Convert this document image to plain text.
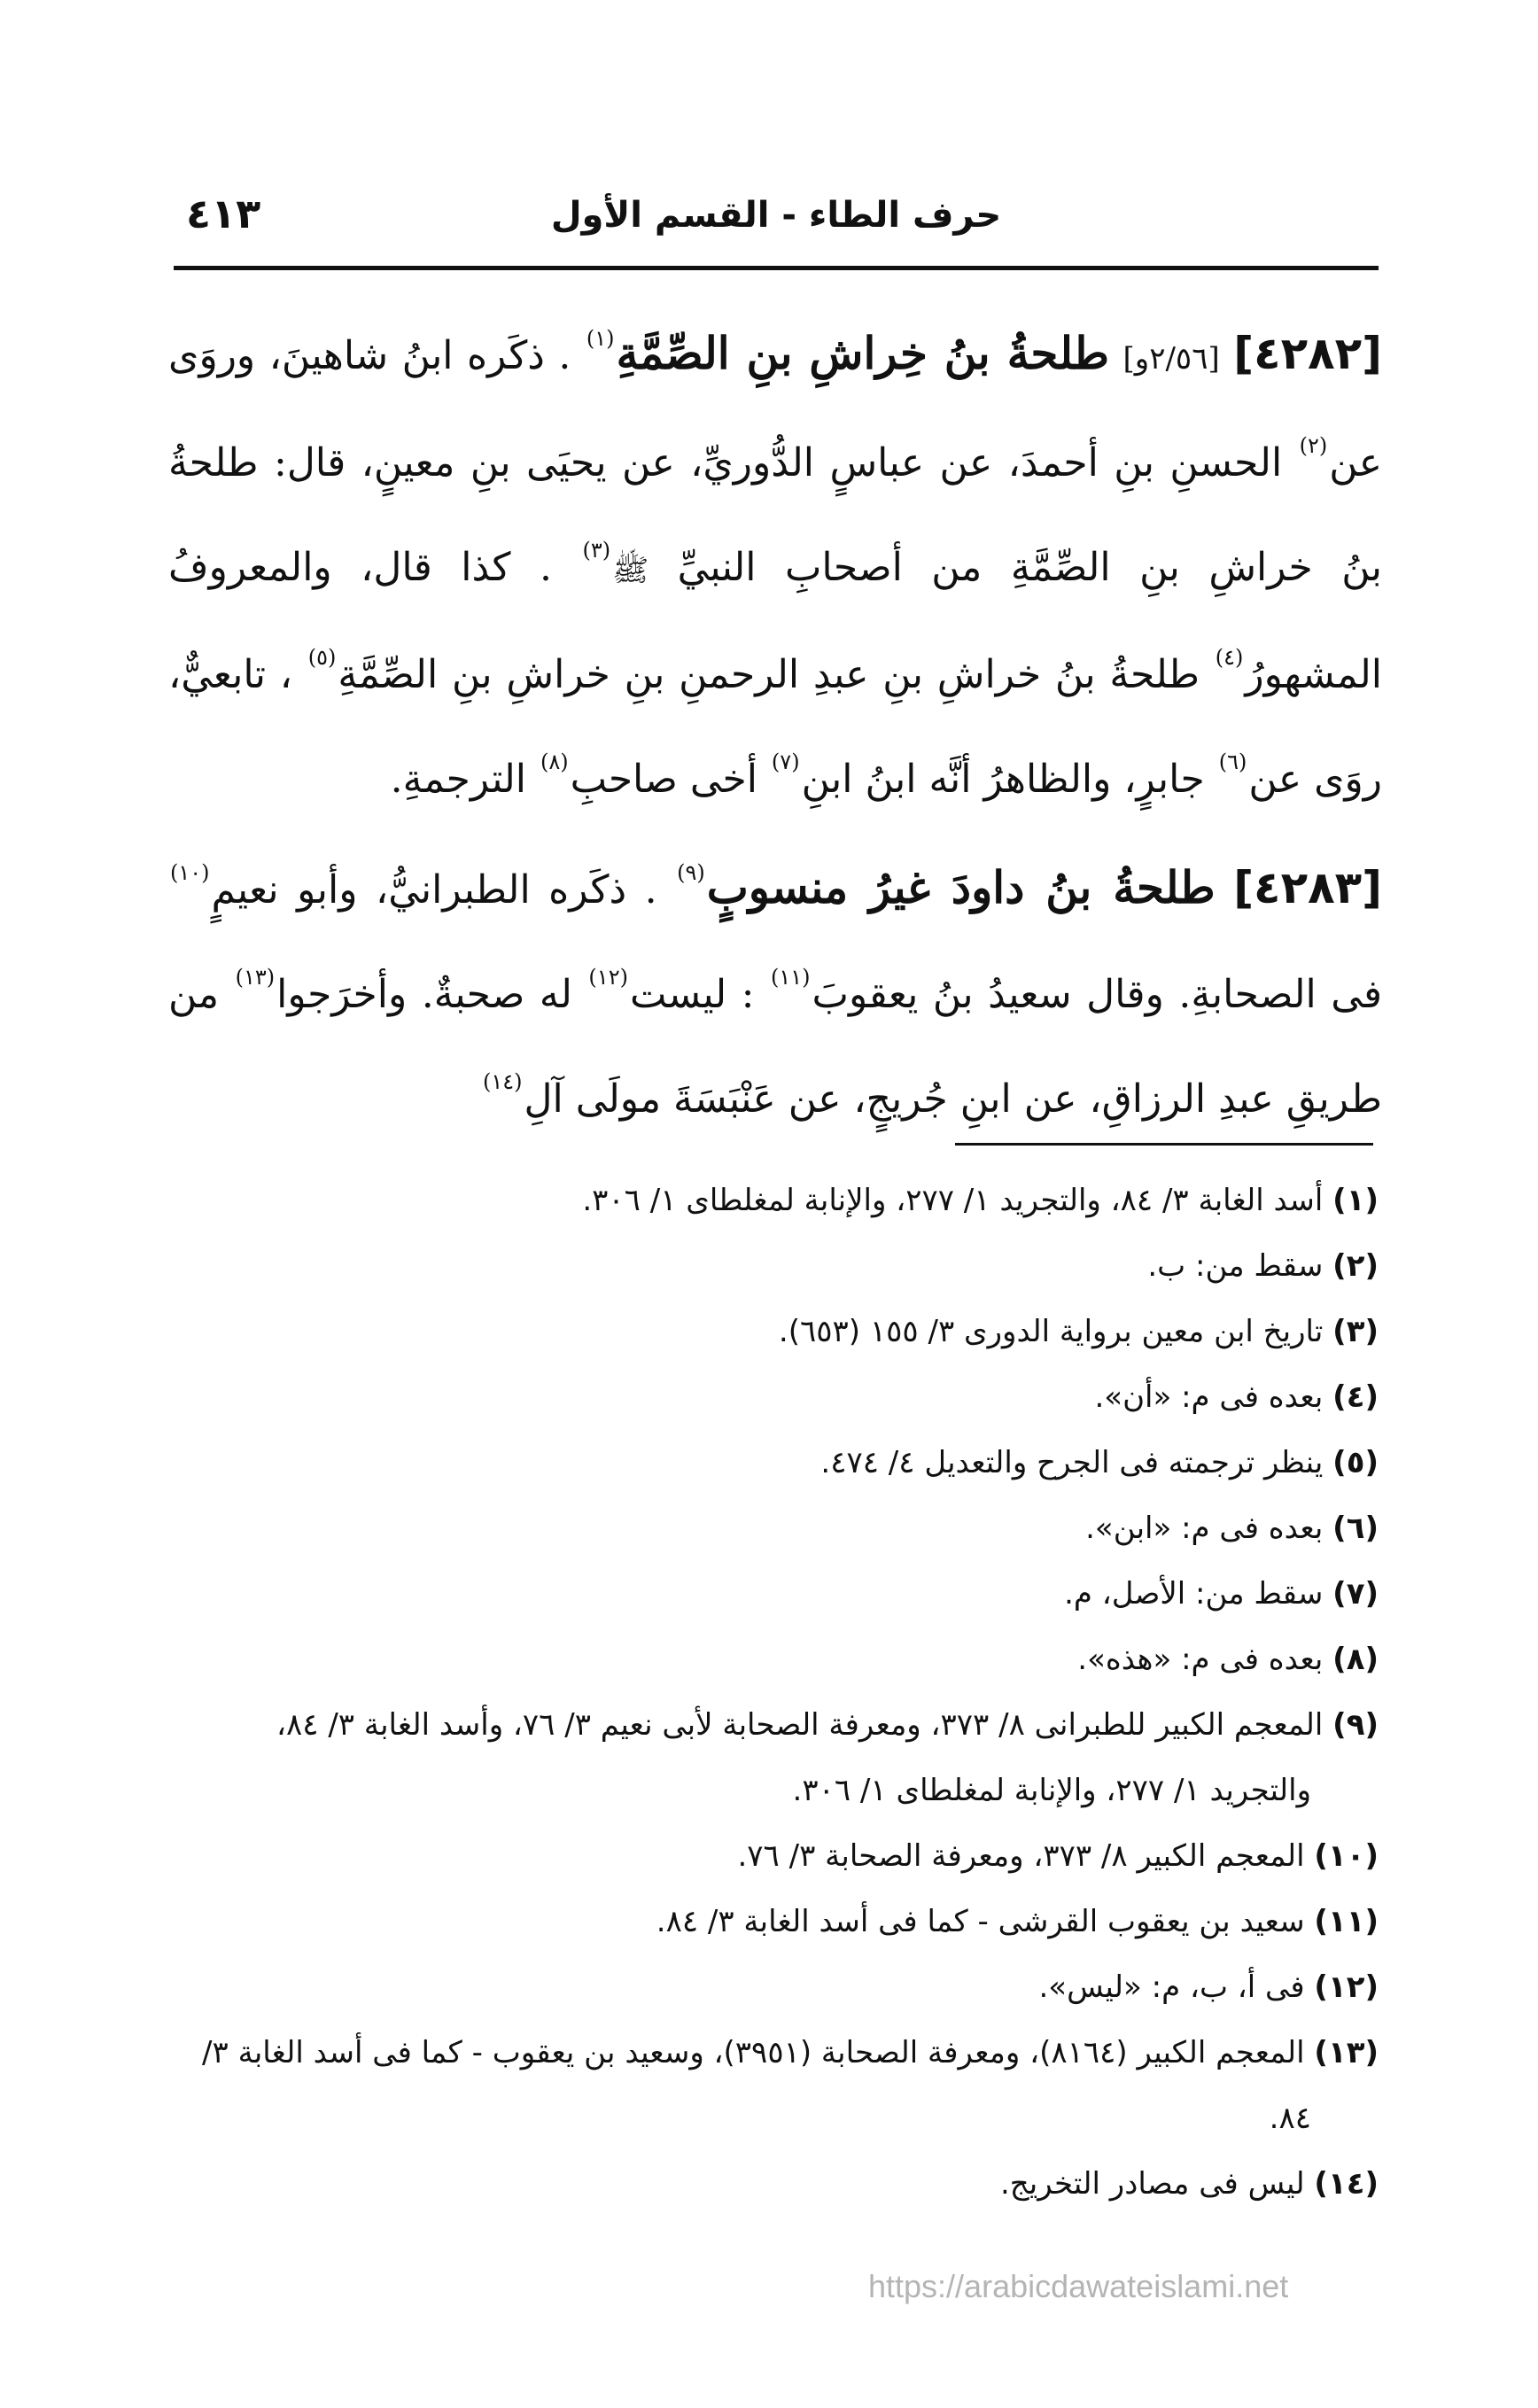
حرف الطاء - القسم الأول
٤١٣

[٤٢٨٢] [٢/٥٦و] طلحةُ بنُ خِراشِ بنِ الصِّمَّةِ$^{(١)}$ . ذكَره ابنُ شاهينَ، وروَى عن$^{(٢)}$ الحسنِ بنِ أحمدَ، عن عباسٍ الدُّوريِّ، عن يحيَى بنِ معينٍ، قال: طلحةُ بنُ خراشِ بنِ الصِّمَّةِ من أصحابِ النبيِّ ﷺ$^{(٣)}$ . كذا قال، والمعروفُ المشهورُ$^{(٤)}$ طلحةُ بنُ خراشِ بنِ عبدِ الرحمنِ بنِ خراشِ بنِ الصِّمَّةِ$^{(٥)}$ ، تابعيٌّ، روَى عن$^{(٦)}$ جابرٍ، والظاهرُ أنَّه ابنُ ابنِ$^{(٧)}$ أخى صاحبِ$^{(٨)}$ الترجمةِ.

[٤٢٨٣] طلحةُ بنُ داودَ غيرُ منسوبٍ$^{(٩)}$ . ذكَره الطبرانيُّ، وأبو نعيمٍ$^{(١٠)}$ فى الصحابةِ. وقال سعيدُ بنُ يعقوبَ$^{(١١)}$ : ليست$^{(١٢)}$ له صحبةٌ. وأخرَجوا$^{(١٣)}$ من طريقِ عبدِ الرزاقِ، عن ابنِ جُريجٍ، عن عَنْبَسَةَ مولَى آلِ$^{(١٤)}$

(١) أسد الغابة ٣/ ٨٤، والتجريد ١/ ٢٧٧، والإنابة لمغلطاى ١/ ٣٠٦.
(٢) سقط من: ب.
(٣) تاريخ ابن معين برواية الدورى ٣/ ١٥٥ (٦٥٣).
(٤) بعده فى م: «أن».
(٥) ينظر ترجمته فى الجرح والتعديل ٤/ ٤٧٤.
(٦) بعده فى م: «ابن».
(٧) سقط من: الأصل، م.
(٨) بعده فى م: «هذه».
(٩) المعجم الكبير للطبرانى ٨/ ٣٧٣، ومعرفة الصحابة لأبى نعيم ٣/ ٧٦، وأسد الغابة ٣/ ٨٤، والتجريد ١/ ٢٧٧، والإنابة لمغلطاى ١/ ٣٠٦.
(١٠) المعجم الكبير ٨/ ٣٧٣، ومعرفة الصحابة ٣/ ٧٦.
(١١) سعيد بن يعقوب القرشى - كما فى أسد الغابة ٣/ ٨٤.
(١٢) فى أ، ب، م: «ليس».
(١٣) المعجم الكبير (٨١٦٤)، ومعرفة الصحابة (٣٩٥١)، وسعيد بن يعقوب - كما فى أسد الغابة ٣/ ٨٤.
(١٤) ليس فى مصادر التخريج.
https://arabicdawateislami.net
